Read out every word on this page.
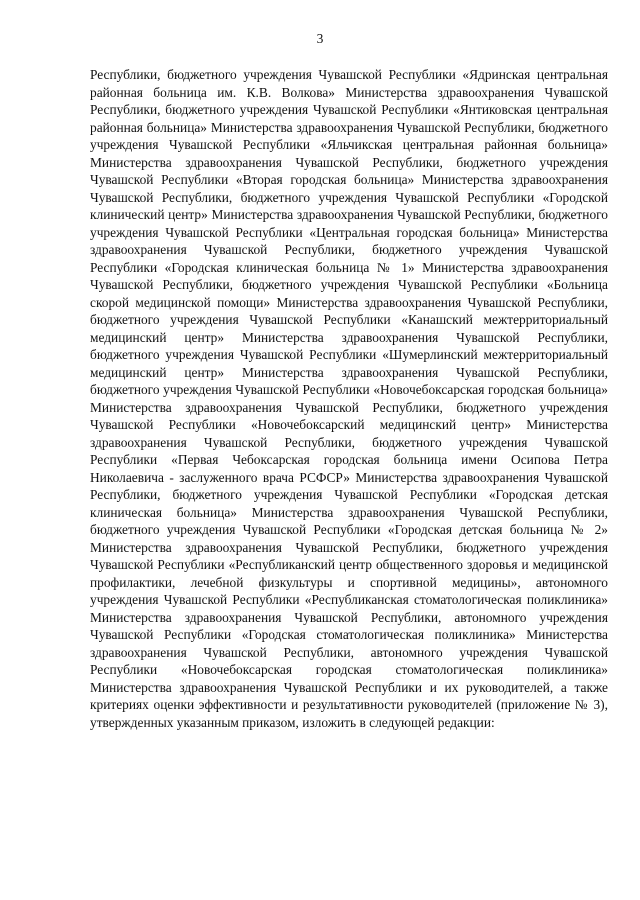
3

Республики, бюджетного учреждения Чувашской Республики «Ядринская центральная районная больница им. К.В. Волкова» Министерства здравоохранения Чувашской Республики, бюджетного учреждения Чувашской Республики «Янтиковская центральная районная больница» Министерства здравоохранения Чувашской Республики, бюджетного учреждения Чувашской Республики «Яльчикская центральная районная больница» Министерства здравоохранения Чувашской Республики, бюджетного учреждения Чувашской Республики «Вторая городская больница» Министерства здравоохранения Чувашской Республики, бюджетного учреждения Чувашской Республики «Городской клинический центр» Министерства здравоохранения Чувашской Республики, бюджетного учреждения Чувашской Республики «Центральная городская больница» Министерства здравоохранения Чувашской Республики, бюджетного учреждения Чувашской Республики «Городская клиническая больница № 1» Министерства здравоохранения Чувашской Республики, бюджетного учреждения Чувашской Республики «Больница скорой медицинской помощи» Министерства здравоохранения Чувашской Республики, бюджетного учреждения Чувашской Республики «Канашский межтерриториальный медицинский центр» Министерства здравоохранения Чувашской Республики, бюджетного учреждения Чувашской Республики «Шумерлинский межтерриториальный медицинский центр» Министерства здравоохранения Чувашской Республики, бюджетного учреждения Чувашской Республики «Новочебоксарская городская больница» Министерства здравоохранения Чувашской Республики, бюджетного учреждения Чувашской Республики «Новочебоксарский медицинский центр» Министерства здравоохранения Чувашской Республики, бюджетного учреждения Чувашской Республики «Первая Чебоксарская городская больница имени Осипова Петра Николаевича - заслуженного врача РСФСР» Министерства здравоохранения Чувашской Республики, бюджетного учреждения Чувашской Республики «Городская детская клиническая больница» Министерства здравоохранения Чувашской Республики, бюджетного учреждения Чувашской Республики «Городская детская больница № 2» Министерства здравоохранения Чувашской Республики, бюджетного учреждения Чувашской Республики «Республиканский центр общественного здоровья и медицинской профилактики, лечебной физкультуры и спортивной медицины», автономного учреждения Чувашской Республики «Республиканская стоматологическая поликлиника» Министерства здравоохранения Чувашской Республики, автономного учреждения Чувашской Республики «Городская стоматологическая поликлиника» Министерства здравоохранения Чувашской Республики, автономного учреждения Чувашской Республики «Новочебоксарская городская стоматологическая поликлиника» Министерства здравоохранения Чувашской Республики и их руководителей, а также критериях оценки эффективности и результативности руководителей (приложение № 3), утвержденных указанным приказом, изложить в следующей редакции:
